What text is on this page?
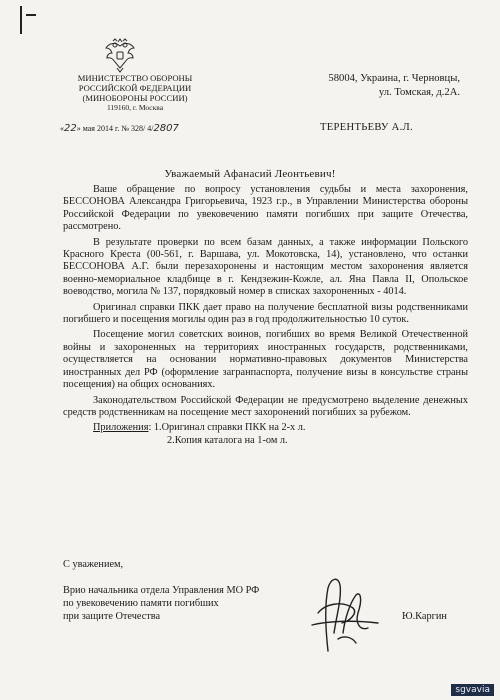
МИНИСТЕРСТВО ОБОРОНЫ
РОССИЙСКОЙ ФЕДЕРАЦИИ
(МИНОБОРОНЫ РОССИИ)
119160, г. Москва
«22» мая 2014 г. № 328/ 4/2807
58004, Украина, г. Черновцы,
ул. Томская, д.2А.
ТЕРЕНТЬЕВУ А.Л.
Уважаемый Афанасий Леонтьевич!

Ваше обращение по вопросу установления судьбы и места захоронения, БЕССОНОВА Александра Григорьевича, 1923 г.р., в Управлении Министерства обороны Российской Федерации по увековечению памяти погибших при защите Отечества, рассмотрено.

В результате проверки по всем базам данных, а также информации Польского Красного Креста (00-561, г. Варшава, ул. Мокотовска, 14), установлено, что останки БЕССОНОВА А.Г. были перезахоронены и настоящим местом захоронения является военно-мемориальное кладбище в г. Кендзежин-Кожле, ал. Яна Павла II, Опольское воеводство, могила № 137, порядковый номер в списках захороненных - 4014.

Оригинал справки ПКК дает право на получение бесплатной визы родственниками погибшего и посещения могилы один раз в год продолжительностью 10 суток.

Посещение могил советских воинов, погибших во время Великой Отечественной войны и захороненных на территориях иностранных государств, родственниками, осуществляется на основании нормативно-правовых документов Министерства иностранных дел РФ (оформление загранпаспорта, получение визы в консульстве страны посещения) на общих основаниях.

Законодательством Российской Федерации не предусмотрено выделение денежных средств родственникам на посещение мест захоронений погибших за рубежом.

Приложения: 1.Оригинал справки ПКК на 2-х л.
2.Копия каталога на 1-ом л.
С уважением,
Врио начальника отдела Управления МО РФ
по увековечению памяти погибших
при защите Отечества	Ю.Каргин
sgvavia
